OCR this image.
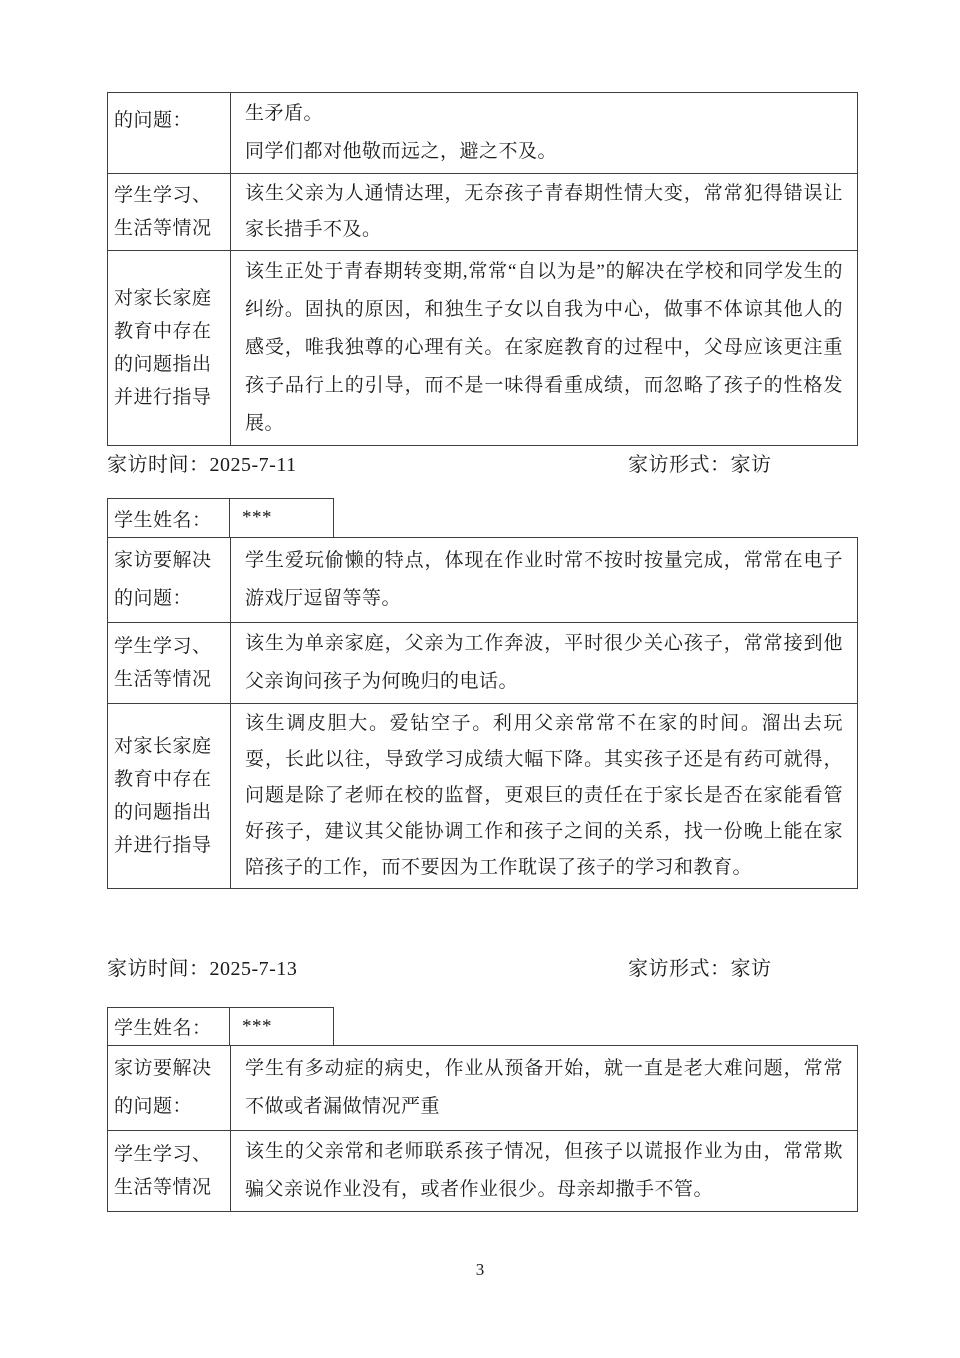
的问题：	生矛盾。

同学们都对他敬而远之，避之不及。

学生学习、生活等情况	该生父亲为人通情达理，无奈孩子青春期性情大变，常常犯得错误让家长措手不及。

对家长家庭教育中存在的问题指出并进行指导	该生正处于青春期转变期,常常“自以为是”的解决在学校和同学发生的纠纷。固执的原因，和独生子女以自我为中心，做事不体谅其他人的感受，唯我独尊的心理有关。在家庭教育的过程中，父母应该更注重孩子品行上的引导，而不是一味得看重成绩，而忽略了孩子的性格发展。

家访时间：2025-7-11	家访形式：家访
学生姓名：	***
家访要解决的问题：	学生爱玩偷懒的特点，体现在作业时常不按时按量完成，常常在电子游戏厅逗留等等。

学生学习、生活等情况	该生为单亲家庭，父亲为工作奔波，平时很少关心孩子，常常接到他父亲询问孩子为何晚归的电话。

对家长家庭教育中存在的问题指出并进行指导	该生调皮胆大。爱钻空子。利用父亲常常不在家的时间。溜出去玩耍，长此以往，导致学习成绩大幅下降。其实孩子还是有药可就得，问题是除了老师在校的监督，更艰巨的责任在于家长是否在家能看管好孩子，建议其父能协调工作和孩子之间的关系，找一份晚上能在家陪孩子的工作，而不要因为工作耽误了孩子的学习和教育。

家访时间：2025-7-13	家访形式：家访
学生姓名：	***
家访要解决的问题：	学生有多动症的病史，作业从预备开始，就一直是老大难问题，常常不做或者漏做情况严重

学生学习、生活等情况	该生的父亲常和老师联系孩子情况，但孩子以谎报作业为由，常常欺骗父亲说作业没有，或者作业很少。母亲却撒手不管。

3
